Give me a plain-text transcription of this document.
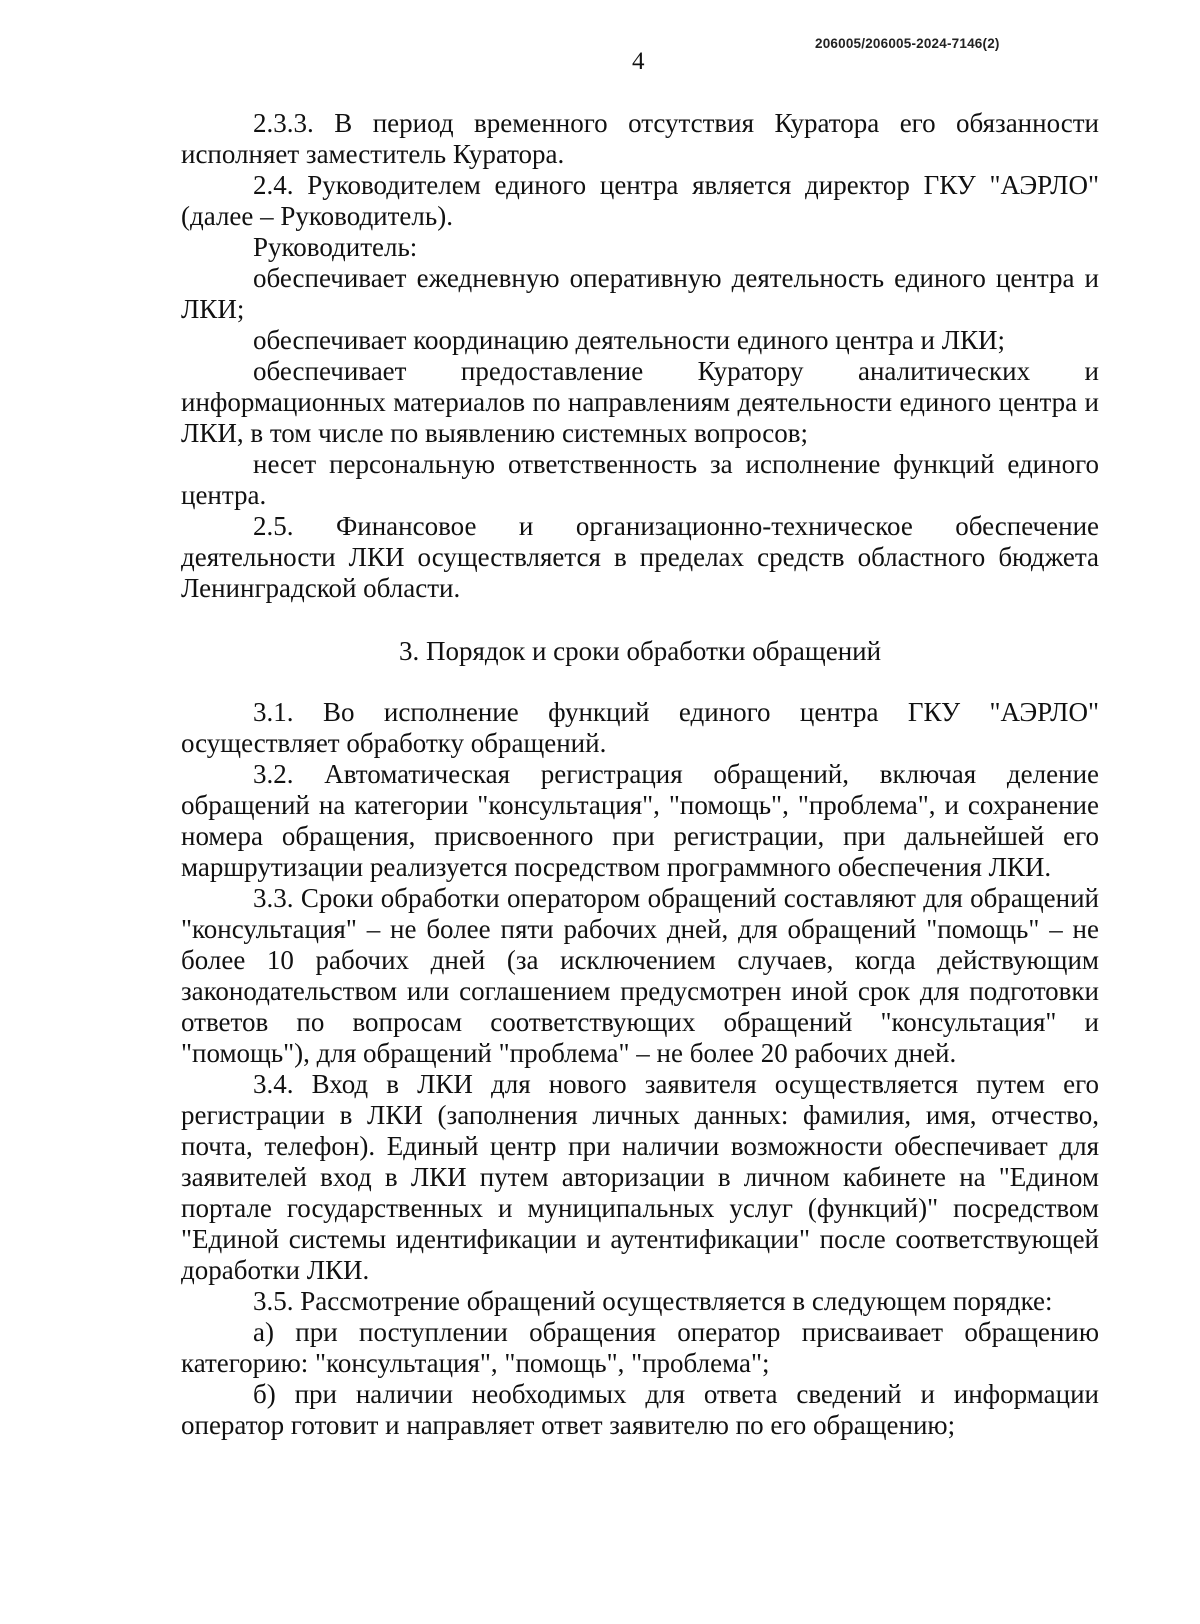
206005/206005-2024-7146(2)
4

2.3.3. В период временного отсутствия Куратора его обязанности исполняет заместитель Куратора.

2.4. Руководителем единого центра является директор ГКУ "АЭРЛО" (далее – Руководитель).

Руководитель:

обеспечивает ежедневную оперативную деятельность единого центра и ЛКИ;

обеспечивает координацию деятельности единого центра и ЛКИ;

обеспечивает предоставление Куратору аналитических и информационных материалов по направлениям деятельности единого центра и ЛКИ, в том числе по выявлению системных вопросов;

несет персональную ответственность за исполнение функций единого центра.

2.5. Финансовое и организационно-техническое обеспечение деятельности ЛКИ осуществляется в пределах средств областного бюджета Ленинградской области.

3. Порядок и сроки обработки обращений

3.1. Во исполнение функций единого центра ГКУ "АЭРЛО" осуществляет обработку обращений.

3.2. Автоматическая регистрация обращений, включая деление обращений на категории "консультация", "помощь", "проблема", и сохранение номера обращения, присвоенного при регистрации, при дальнейшей его маршрутизации реализуется посредством программного обеспечения ЛКИ.

3.3. Сроки обработки оператором обращений составляют для обращений "консультация" – не более пяти рабочих дней, для обращений "помощь" – не более 10 рабочих дней (за исключением случаев, когда действующим законодательством или соглашением предусмотрен иной срок для подготовки ответов по вопросам соответствующих обращений "консультация" и "помощь"), для обращений "проблема" – не более 20 рабочих дней.

3.4. Вход в ЛКИ для нового заявителя осуществляется путем его регистрации в ЛКИ (заполнения личных данных: фамилия, имя, отчество, почта, телефон). Единый центр при наличии возможности обеспечивает для заявителей вход в ЛКИ путем авторизации в личном кабинете на "Едином портале государственных и муниципальных услуг (функций)" посредством "Единой системы идентификации и аутентификации" после соответствующей доработки ЛКИ.

3.5. Рассмотрение обращений осуществляется в следующем порядке:

а) при поступлении обращения оператор присваивает обращению категорию: "консультация", "помощь", "проблема";

б) при наличии необходимых для ответа сведений и информации оператор готовит и направляет ответ заявителю по его обращению;
